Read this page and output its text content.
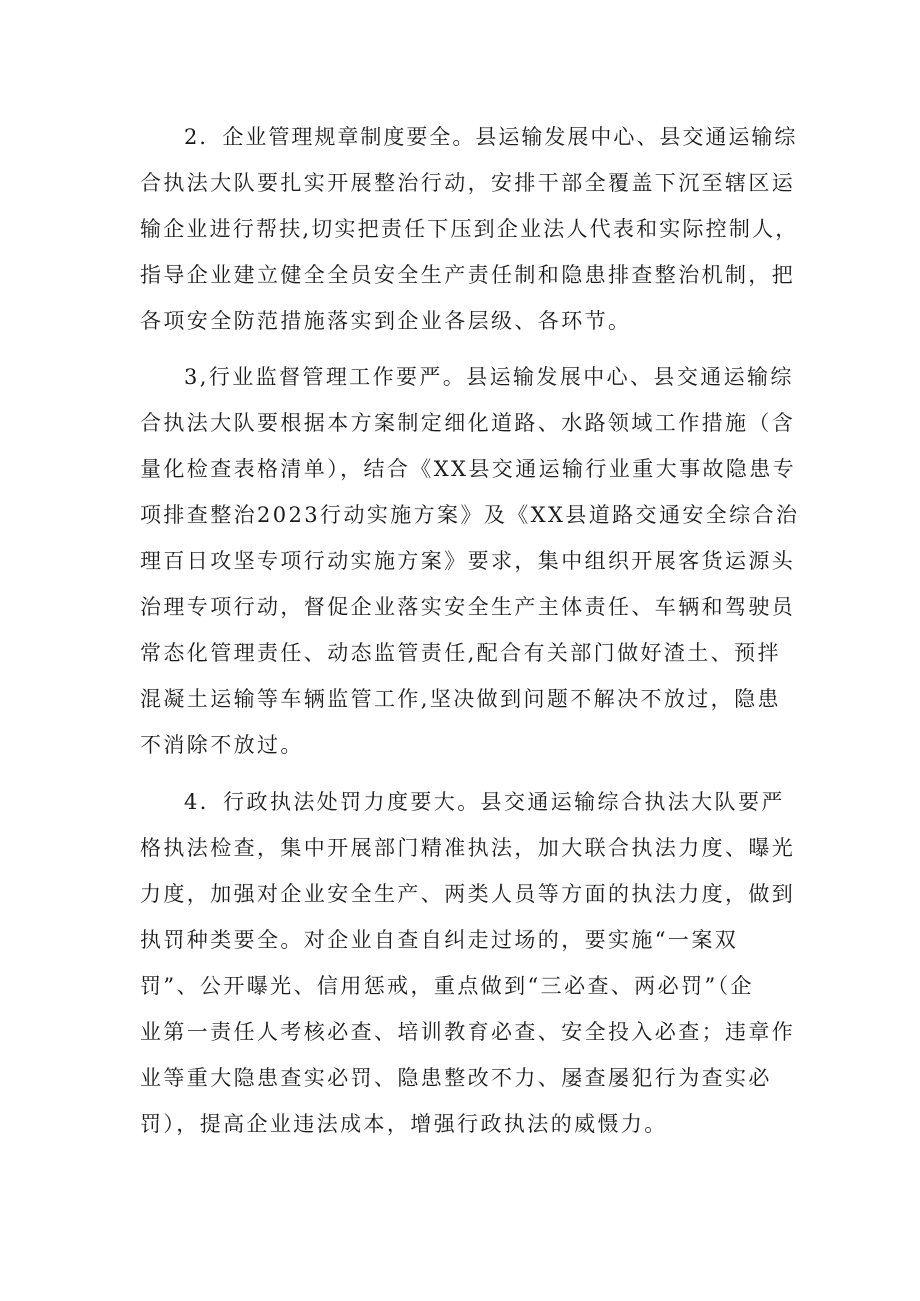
2．企业管理规章制度要全。县运输发展中心、县交通运输综
合执法大队要扎实开展整治行动，安排干部全覆盖下沉至辖区运
输企业进行帮扶,切实把责任下压到企业法人代表和实际控制人，
指导企业建立健全全员安全生产责任制和隐患排查整治机制，把
各项安全防范措施落实到企业各层级、各环节。
3,行业监督管理工作要严。县运输发展中心、县交通运输综
合执法大队要根据本方案制定细化道路、水路领域工作措施（含
量化检查表格清单），结合《XX县交通运输行业重大事故隐患专
项排查整治2023行动实施方案》及《XX县道路交通安全综合治
理百日攻坚专项行动实施方案》要求，集中组织开展客货运源头
治理专项行动，督促企业落实安全生产主体责任、车辆和驾驶员
常态化管理责任、动态监管责任,配合有关部门做好渣土、预拌
混凝土运输等车辆监管工作,坚决做到问题不解决不放过，隐患
不消除不放过。
4．行政执法处罚力度要大。县交通运输综合执法大队要严
格执法检查，集中开展部门精准执法，加大联合执法力度、曝光
力度，加强对企业安全生产、两类人员等方面的执法力度，做到
执罚种类要全。对企业自查自纠走过场的，要实施“一案双
罚”、公开曝光、信用惩戒，重点做到“三必查、两必罚”（企
业第一责任人考核必查、培训教育必查、安全投入必查；违章作
业等重大隐患查实必罚、隐患整改不力、屡查屡犯行为查实必
罚），提高企业违法成本，增强行政执法的威慑力。
